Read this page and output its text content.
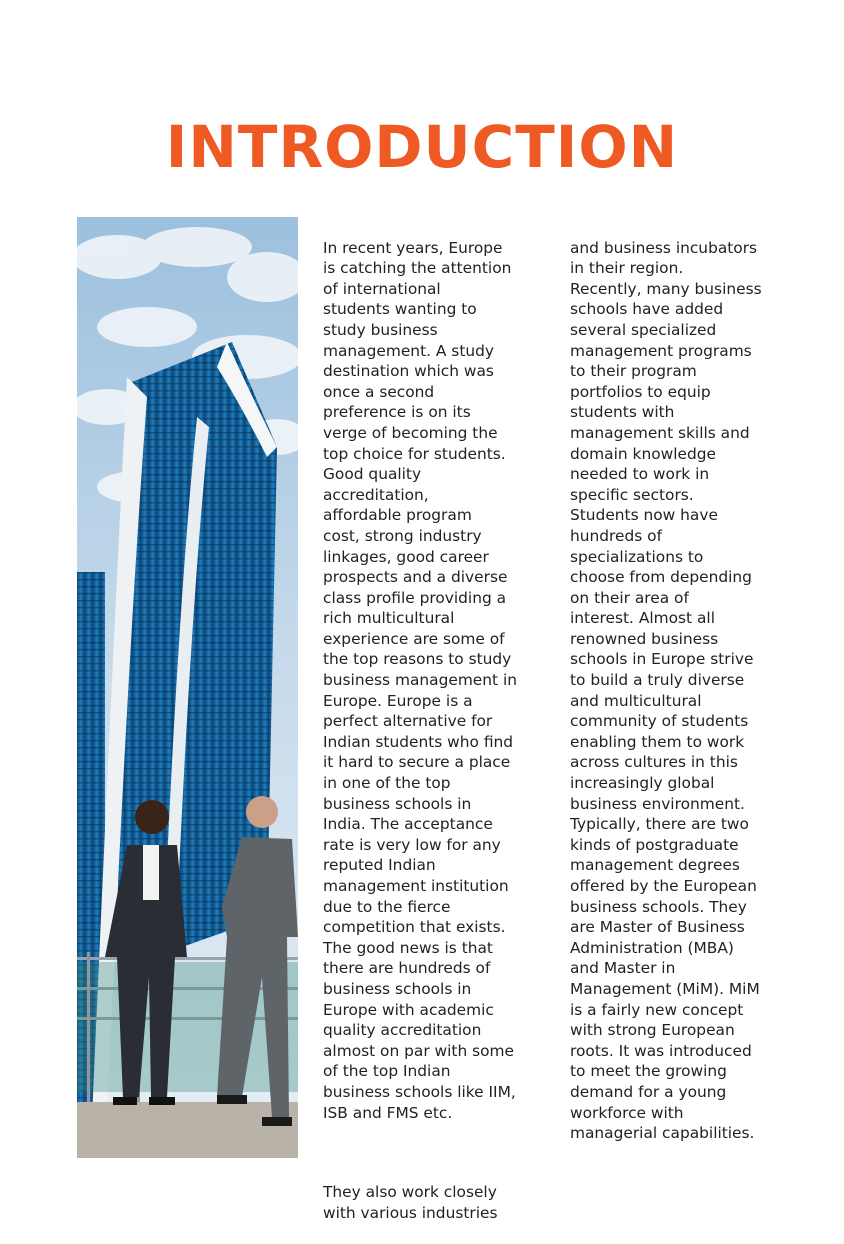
INTRODUCTION

In recent years, Europe
is catching the attention
of international
students wanting to
study business
management. A study
destination which was
once a second
preference is on its
verge of becoming the
top choice for students.
Good quality
accreditation,
affordable program
cost, strong industry
linkages, good career
prospects and a diverse
class profile providing a
rich multicultural
experience are some of
the top reasons to study
business management in
Europe. Europe is a
perfect alternative for
Indian students who find
it hard to secure a place
in one of the top
business schools in
India. The acceptance
rate is very low for any
reputed Indian
management institution
due to the fierce
competition that exists.
The good news is that
there are hundreds of
business schools in
Europe with academic
quality accreditation
almost on par with some
of the top Indian
business schools like IIM,
ISB and FMS etc.

They also work closely
with various industries

and business incubators
in their region.
Recently, many business
schools have added
several specialized
management programs
to their program
portfolios to equip
students with
management skills and
domain knowledge
needed to work in
specific sectors.
Students now have
hundreds of
specializations to
choose from depending
on their area of
interest. Almost all
renowned business
schools in Europe strive
to build a truly diverse
and multicultural
community of students
enabling them to work
across cultures in this
increasingly global
business environment.
Typically, there are two
kinds of postgraduate
management degrees
offered by the European
business schools. They
are Master of Business
Administration (MBA)
and Master in
Management (MiM). MiM
is a fairly new concept
with strong European
roots. It was introduced
to meet the growing
demand for a young
workforce with
managerial capabilities.
